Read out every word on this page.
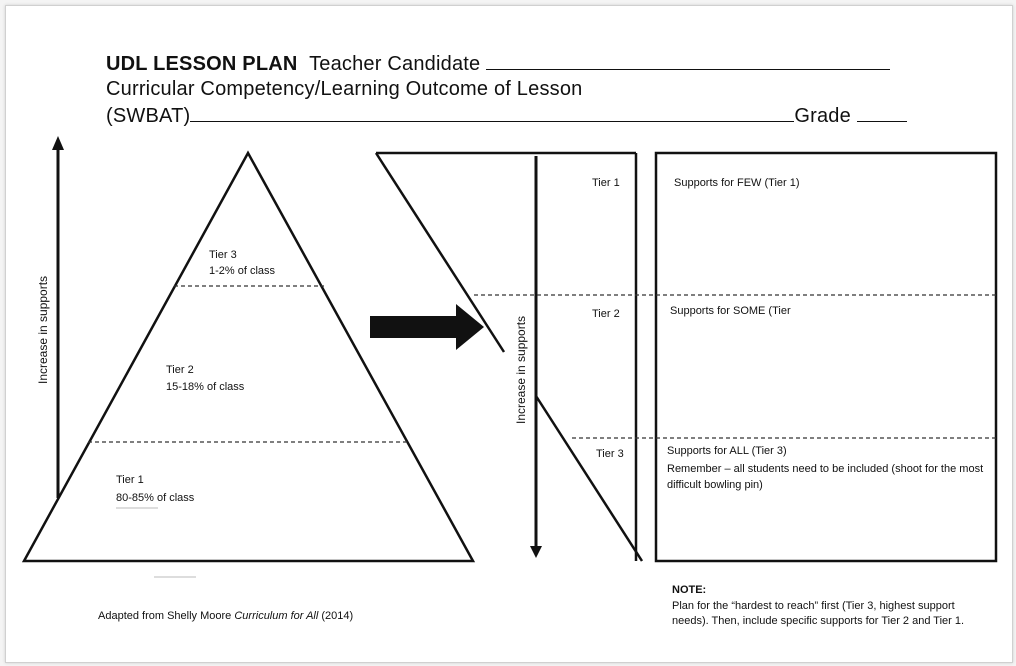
UDL LESSON PLAN Teacher Candidate
Curricular Competency/Learning Outcome of Lesson
(SWBAT)	Grade
Increase in supports
Tier 3
1-2% of class
Tier 2
15-18% of class
Tier 1
80-85% of class
Increase in supports
Tier 1
Tier 2
Tier 3
Supports for FEW (Tier 1)
Supports for SOME (Tier
Supports for ALL (Tier 3)
Remember – all students need to be included (shoot for the most difficult bowling pin)
NOTE:
Plan for the “hardest to reach” first (Tier 3, highest support needs). Then, include specific supports for Tier 2 and Tier 1.
Adapted from Shelly Moore Curriculum for All (2014)
